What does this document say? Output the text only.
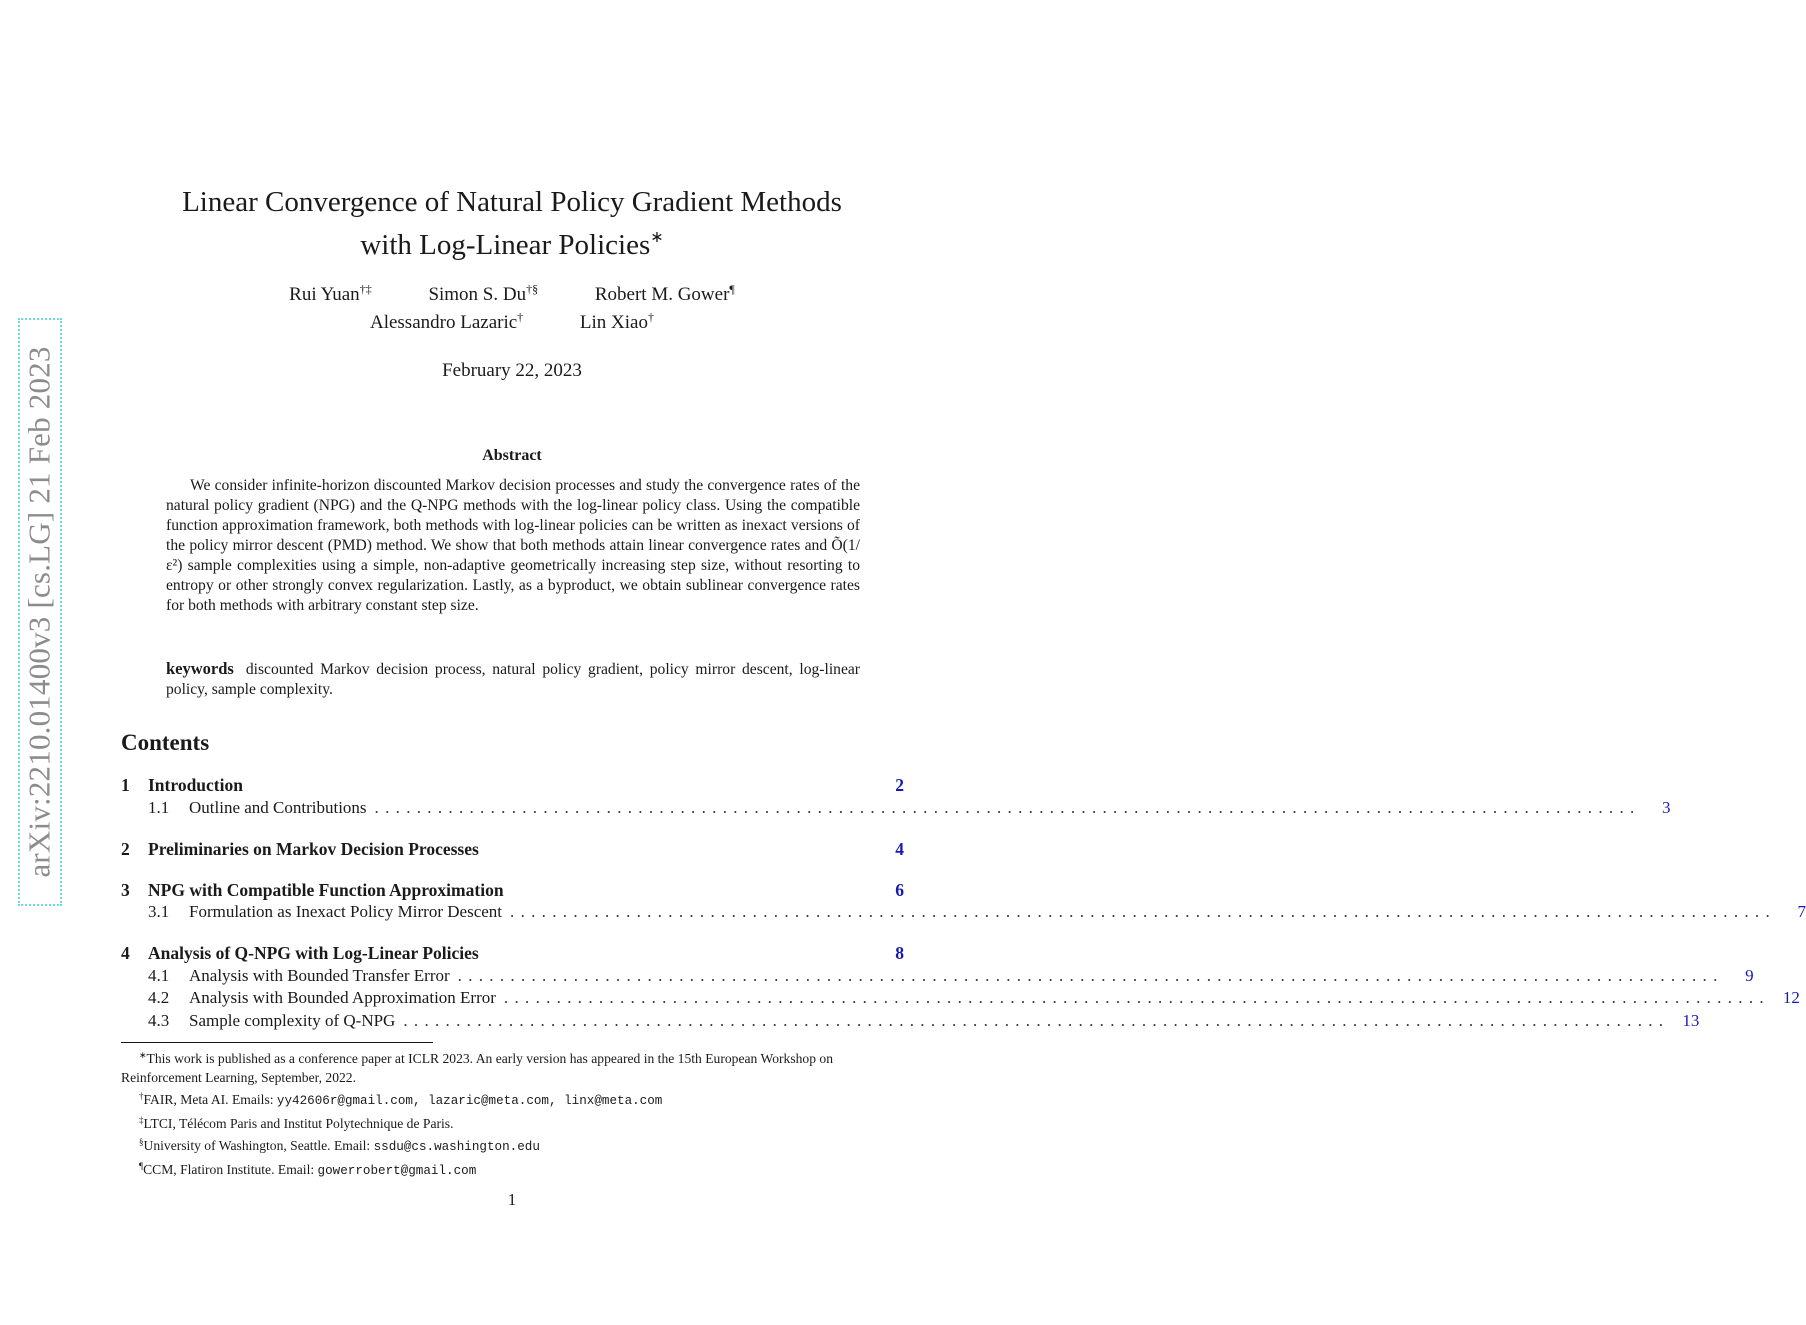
arXiv:2210.01400v3 [cs.LG] 21 Feb 2023
Linear Convergence of Natural Policy Gradient Methods
with Log-Linear Policies∗
Rui Yuan†‡	Simon S. Du†§	Robert M. Gower¶
Alessandro Lazaric†	Lin Xiao†
February 22, 2023
Abstract
We consider infinite-horizon discounted Markov decision processes and study the convergence rates of the natural policy gradient (NPG) and the Q-NPG methods with the log-linear policy class. Using the compatible function approximation framework, both methods with log-linear policies can be written as inexact versions of the policy mirror descent (PMD) method. We show that both methods attain linear convergence rates and Õ(1/ε²) sample complexities using a simple, non-adaptive geometrically increasing step size, without resorting to entropy or other strongly convex regularization. Lastly, as a byproduct, we obtain sublinear convergence rates for both methods with arbitrary constant step size.
keywords discounted Markov decision process, natural policy gradient, policy mirror descent, log-linear policy, sample complexity.
Contents
1	Introduction	2
1.1	Outline and Contributions ........................................................................................................................	3
2	Preliminaries on Markov Decision Processes	4
3	NPG with Compatible Function Approximation	6
3.1	Formulation as Inexact Policy Mirror Descent ........................................................................................................................	7
4	Analysis of Q-NPG with Log-Linear Policies	8
4.1	Analysis with Bounded Transfer Error ........................................................................................................................	9
4.2	Analysis with Bounded Approximation Error ........................................................................................................................ 12
4.3	Sample complexity of Q-NPG ........................................................................................................................ 13

∗This work is published as a conference paper at ICLR 2023. An early version has appeared in the 15th European Workshop on Reinforcement Learning, September, 2022.

†FAIR, Meta AI. Emails: yy42606r@gmail.com, lazaric@meta.com, linx@meta.com

‡LTCI, Télécom Paris and Institut Polytechnique de Paris.

§University of Washington, Seattle. Email: ssdu@cs.washington.edu

¶CCM, Flatiron Institute. Email: gowerrobert@gmail.com

1
